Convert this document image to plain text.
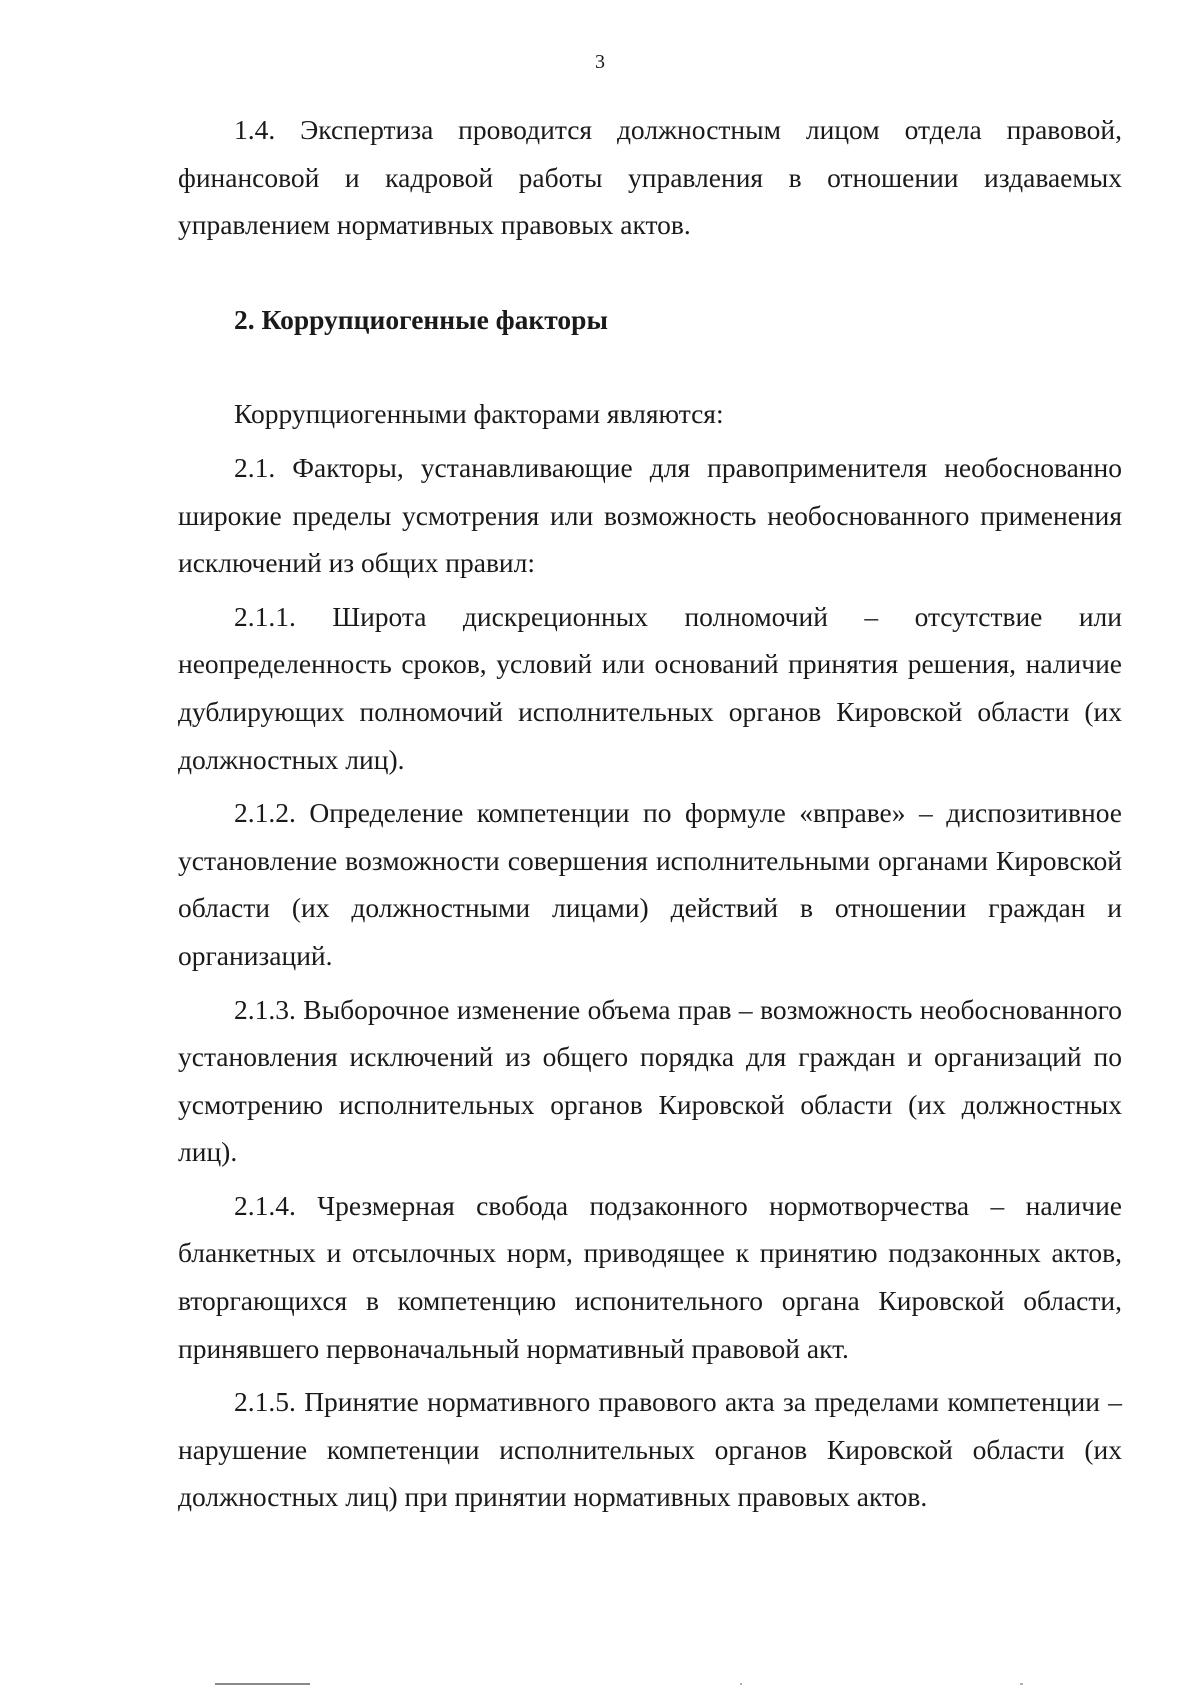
3

1.4. Экспертиза проводится должностным лицом отдела правовой, финансовой и кадровой работы управления в отношении издаваемых управлением нормативных правовых актов.

2. Коррупциогенные факторы

Коррупциогенными факторами являются:

2.1. Факторы, устанавливающие для правоприменителя необоснованно широкие пределы усмотрения или возможность необоснованного применения исключений из общих правил:

2.1.1. Широта дискреционных полномочий – отсутствие или неопределенность сроков, условий или оснований принятия решения, наличие дублирующих полномочий исполнительных органов Кировской области (их должностных лиц).

2.1.2. Определение компетенции по формуле «вправе» – диспозитивное установление возможности совершения исполнительными органами Кировской области (их должностными лицами) действий в отношении граждан и организаций.

2.1.3. Выборочное изменение объема прав – возможность необоснованного установления исключений из общего порядка для граждан и организаций по усмотрению исполнительных органов Кировской области (их должностных лиц).

2.1.4. Чрезмерная свобода подзаконного нормотворчества – наличие бланкетных и отсылочных норм, приводящее к принятию подзаконных актов, вторгающихся в компетенцию испонительного органа Кировской области, принявшего первоначальный нормативный правовой акт.

2.1.5. Принятие нормативного правового акта за пределами компетенции – нарушение компетенции исполнительных органов Кировской области (их должностных лиц) при принятии нормативных правовых актов.
